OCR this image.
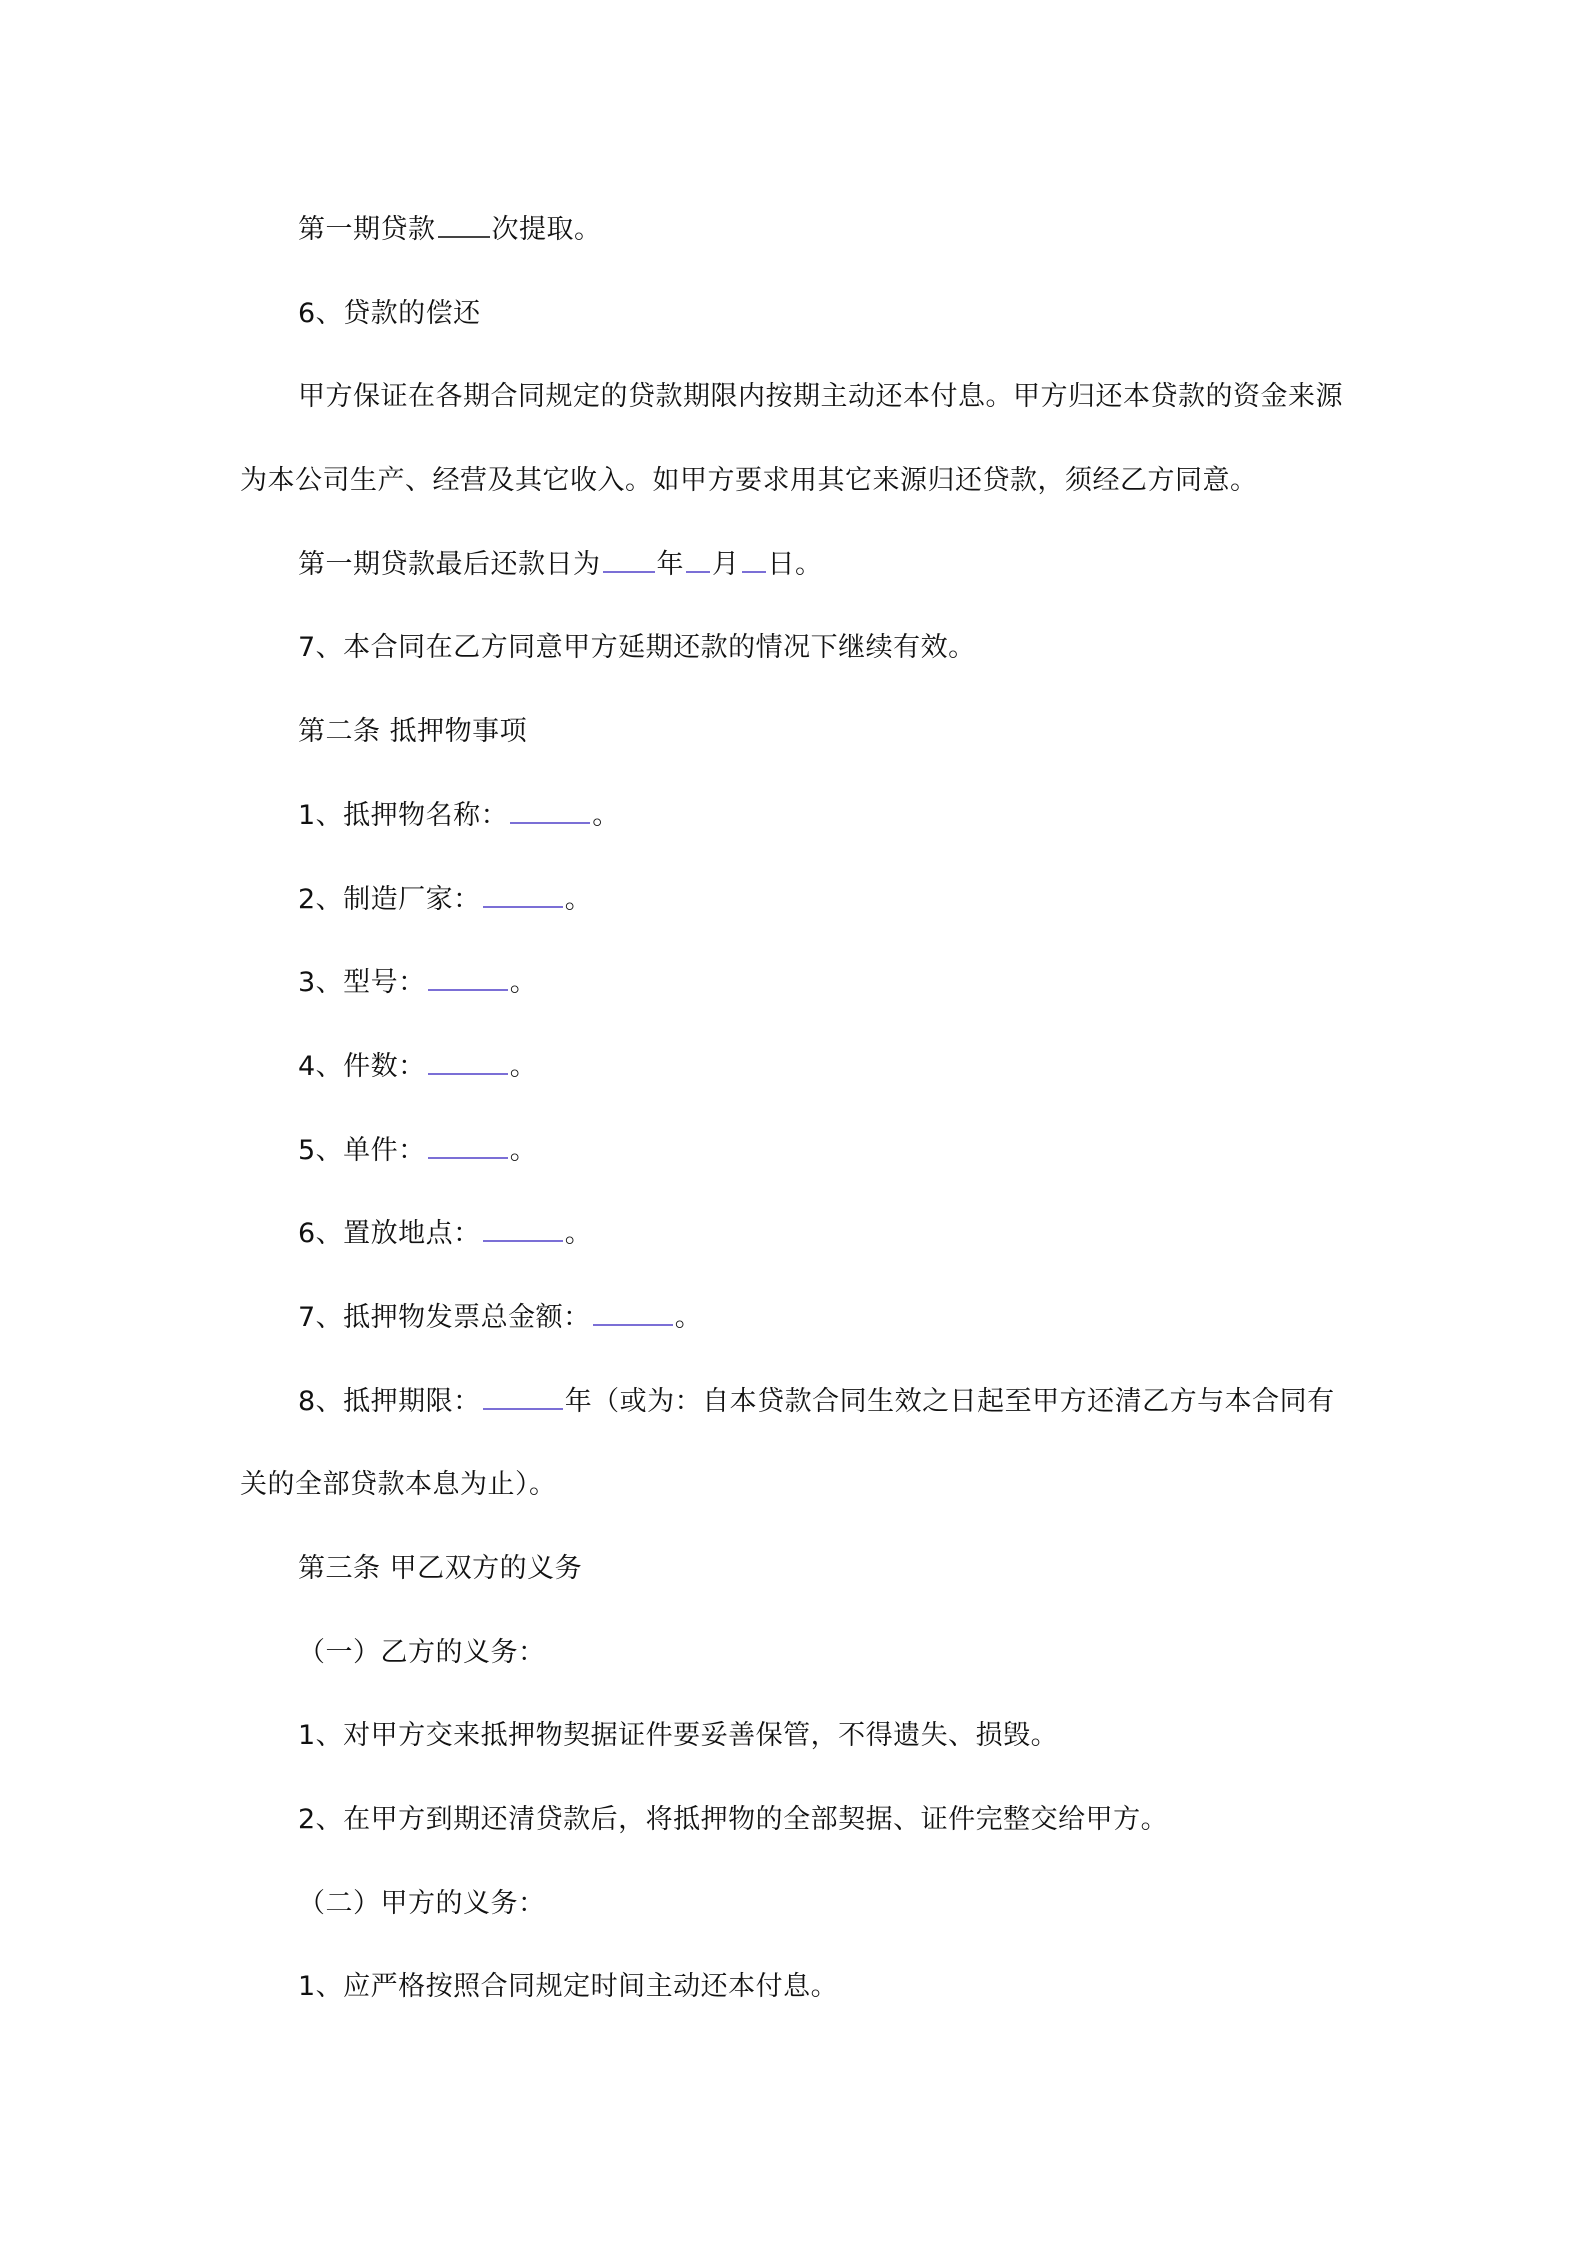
第一期贷款 次提取。
6、贷款的偿还
甲方保证在各期合同规定的贷款期限内按期主动还本付息。甲方归还本贷款的资金来源
为本公司生产、经营及其它收入。如甲方要求用其它来源归还贷款，须经乙方同意。
第一期贷款最后还款日为 年 月 日。
7、本合同在乙方同意甲方延期还款的情况下继续有效。
第二条 抵押物事项
1、抵押物名称：	。
2、制造厂家：	。
3、型号：	。
4、件数：	。
5、单件：	。
6、置放地点：	。
7、抵押物发票总金额：	。
8、抵押期限：	年（或为：自本贷款合同生效之日起至甲方还清乙方与本合同有
关的全部贷款本息为止）。
第三条 甲乙双方的义务
（一）乙方的义务：
1、对甲方交来抵押物契据证件要妥善保管，不得遗失、损毁。
2、在甲方到期还清贷款后，将抵押物的全部契据、证件完整交给甲方。
（二）甲方的义务：
1、应严格按照合同规定时间主动还本付息。
